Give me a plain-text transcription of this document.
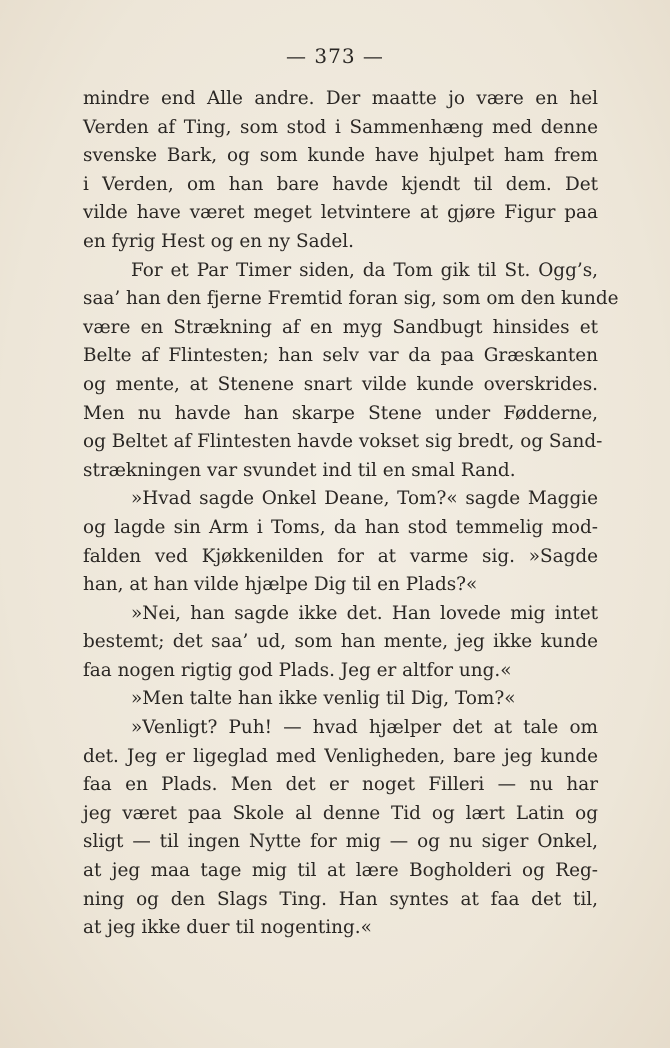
— 373 —
mindre end Alle andre. Der maatte jo være en hel
Verden af Ting, som stod i Sammenhæng med denne
svenske Bark, og som kunde have hjulpet ham frem
i Verden, om han bare havde kjendt til dem. Det
vilde have været meget letvintere at gjøre Figur paa
en fyrig Hest og en ny Sadel.
For et Par Timer siden, da Tom gik til St. Ogg’s,
saa’ han den fjerne Fremtid foran sig, som om den kunde
være en Strækning af en myg Sandbugt hinsides et
Belte af Flintesten; han selv var da paa Græskanten
og mente, at Stenene snart vilde kunde overskrides.
Men nu havde han skarpe Stene under Fødderne,
og Beltet af Flintesten havde vokset sig bredt, og Sand-
strækningen var svundet ind til en smal Rand.
»Hvad sagde Onkel Deane, Tom?« sagde Maggie
og lagde sin Arm i Toms, da han stod temmelig mod-
falden ved Kjøkkenilden for at varme sig. »Sagde
han, at han vilde hjælpe Dig til en Plads?«
»Nei, han sagde ikke det. Han lovede mig intet
bestemt; det saa’ ud, som han mente, jeg ikke kunde
faa nogen rigtig god Plads. Jeg er altfor ung.«
»Men talte han ikke venlig til Dig, Tom?«
»Venligt? Puh! — hvad hjælper det at tale om
det. Jeg er ligeglad med Venligheden, bare jeg kunde
faa en Plads. Men det er noget Filleri — nu har
jeg været paa Skole al denne Tid og lært Latin og
sligt — til ingen Nytte for mig — og nu siger Onkel,
at jeg maa tage mig til at lære Bogholderi og Reg-
ning og den Slags Ting. Han syntes at faa det til,
at jeg ikke duer til nogenting.«
